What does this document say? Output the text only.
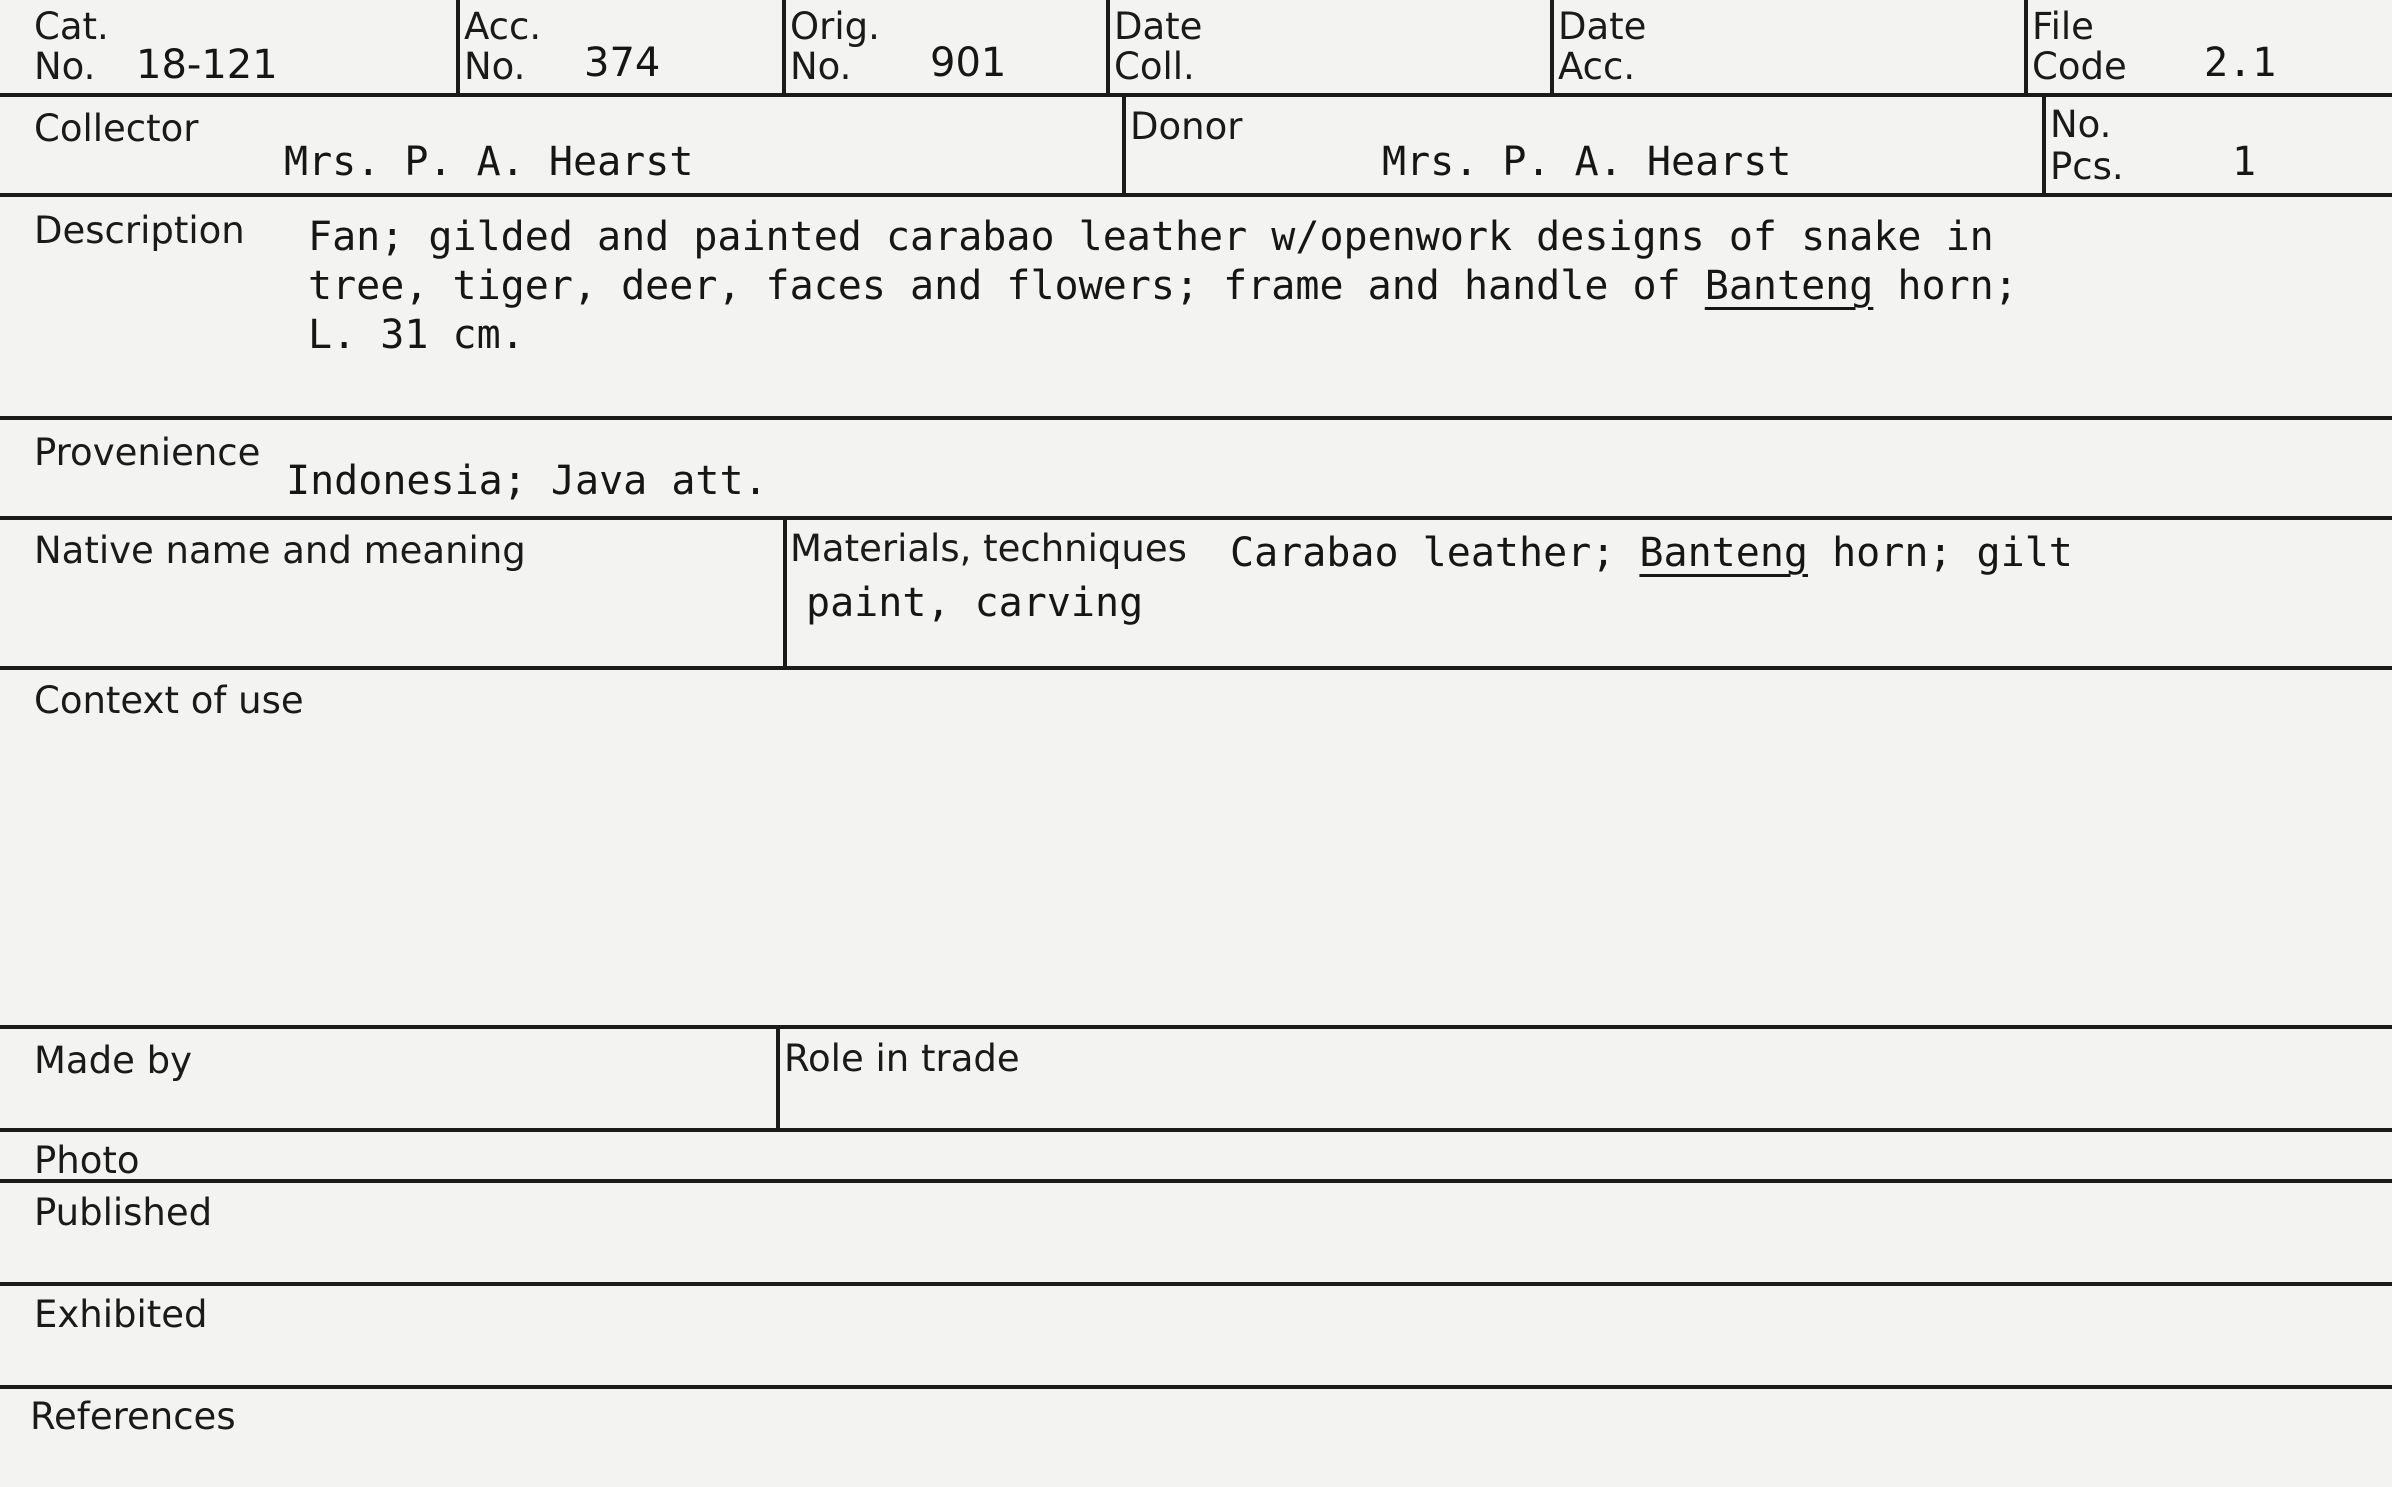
Cat.
No. 18-121
Acc.
No. 374
Orig.
No. 901
Date
Coll.
Date
Acc.
File
Code 2.1
Collector
Mrs. P. A. Hearst
Donor
Mrs. P. A. Hearst
No.
Pcs.	1
Description Fan; gilded and painted carabao leather w/openwork designs of snake in
tree, tiger, deer, faces and flowers; frame and handle of Banteng horn;
L. 31 cm.
Provenience
Indonesia; Java att.
Native name and meaning	Materials, techniques Carabao leather; Banteng horn; gilt
paint, carving
Context of use
Made by	Role in trade
Photo
Published
Exhibited
References
